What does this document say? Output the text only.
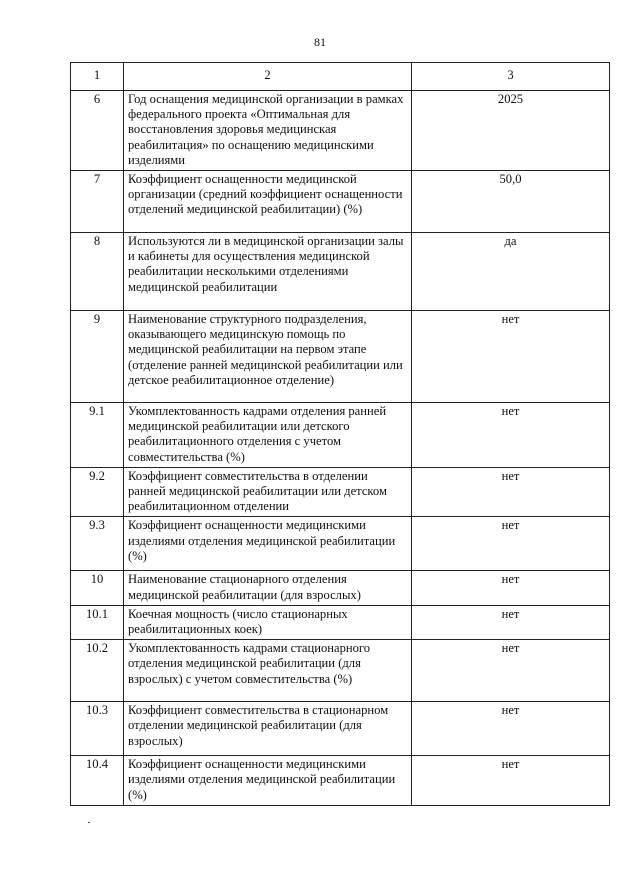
81
1	2	3
6	Год оснащения медицинской организации в рамках федерального проекта «Оптимальная для восстановления здоровья медицинская реабилитация» по оснащению медицинскими изделиями	2025
7	Коэффициент оснащенности медицинской организации (средний коэффициент оснащенности отделений медицинской реабилитации) (%)	50,0
8	Используются ли в медицинской организации залы и кабинеты для осуществления медицинской реабилитации несколькими отделениями медицинской реабилитации	да
9	Наименование структурного подразделения, оказывающего медицинскую помощь по медицинской реабилитации на первом этапе (отделение ранней медицинской реабилитации или детское реабилитационное отделение)	нет
9.1	Укомплектованность кадрами отделения ранней медицинской реабилитации или детского реабилитационного отделения с учетом совместительства (%)	нет
9.2	Коэффициент совместительства в отделении ранней медицинской реабилитации или детском реабилитационном отделении	нет
9.3	Коэффициент оснащенности медицинскими изделиями отделения медицинской реабилитации (%)	нет
10	Наименование стационарного отделения медицинской реабилитации (для взрослых)	нет
10.1	Коечная мощность (число стационарных реабилитационных коек)	нет
10.2	Укомплектованность кадрами стационарного отделения медицинской реабилитации (для взрослых) с учетом совместительства (%)	нет
10.3	Коэффициент совместительства в стационарном отделении медицинской реабилитации (для взрослых)	нет
10.4	Коэффициент оснащенности медицинскими изделиями отделения медицинской реабилитации (%)	нет
